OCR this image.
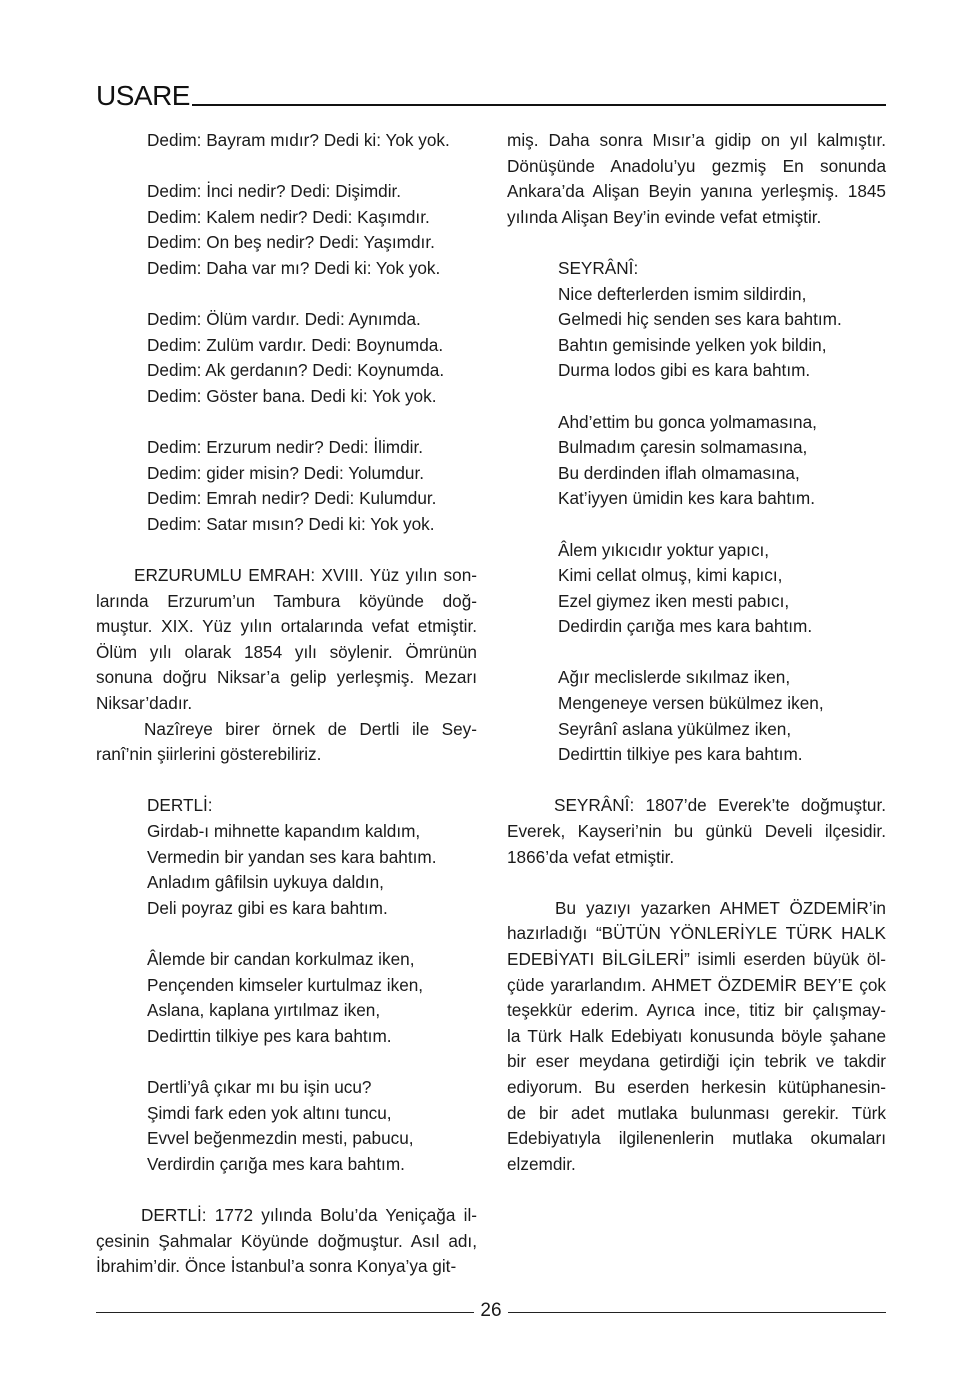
USARE
Dedim: Bayram mıdır? Dedi ki: Yok yok.
Dedim: İnci nedir? Dedi: Dişimdir.
Dedim: Kalem nedir? Dedi: Kaşımdır.
Dedim: On beş nedir? Dedi: Yaşımdır.
Dedim: Daha var mı? Dedi ki: Yok yok.
Dedim: Ölüm vardır. Dedi: Aynımda.
Dedim: Zulüm vardır. Dedi: Boynumda.
Dedim: Ak gerdanın? Dedi: Koynumda.
Dedim: Göster bana. Dedi ki: Yok yok.
Dedim: Erzurum nedir? Dedi: İlimdir.
Dedim: gider misin? Dedi: Yolumdur.
Dedim: Emrah nedir? Dedi: Kulumdur.
Dedim: Satar mısın? Dedi ki: Yok yok.
ERZURUMLU EMRAH: XVIII. Yüz yılın son-
larında Erzurum’un Tambura köyünde doğ-
muştur. XIX. Yüz yılın ortalarında vefat etmiştir.
Ölüm yılı olarak 1854 yılı söylenir. Ömrünün
sonuna doğru Niksar’a gelip yerleşmiş. Mezarı
Niksar’dadır.
Nazîreye birer örnek de Dertli ile Sey-
ranî’nin şiirlerini gösterebiliriz.
DERTLİ:
Girdab-ı mihnette kapandım kaldım,
Vermedin bir yandan ses kara bahtım.
Anladım gâfilsin uykuya daldın,
Deli poyraz gibi es kara bahtım.
Âlemde bir candan korkulmaz iken,
Pençenden kimseler kurtulmaz iken,
Aslana, kaplana yırtılmaz iken,
Dedirttin tilkiye pes kara bahtım.
Dertli’yâ çıkar mı bu işin ucu?
Şimdi fark eden yok altını tuncu,
Evvel beğenmezdin mesti, pabucu,
Verdirdin çarığa mes kara bahtım.
DERTLİ: 1772 yılında Bolu’da Yeniçağa il-
çesinin Şahmalar Köyünde doğmuştur. Asıl adı,
İbrahim’dir. Önce İstanbul’a sonra Konya’ya git-
miş. Daha sonra Mısır’a gidip on yıl kalmıştır.
Dönüşünde Anadolu’yu gezmiş En sonunda
Ankara’da Alişan Beyin yanına yerleşmiş. 1845
yılında Alişan Bey’in evinde vefat etmiştir.
SEYRÂNÎ:
Nice defterlerden ismim sildirdin,
Gelmedi hiç senden ses kara bahtım.
Bahtın gemisinde yelken yok bildin,
Durma lodos gibi es kara bahtım.
Ahd’ettim bu gonca yolmamasına,
Bulmadım çaresin solmamasına,
Bu derdinden iflah olmamasına,
Kat’iyyen ümidin kes kara bahtım.
Âlem yıkıcıdır yoktur yapıcı,
Kimi cellat olmuş, kimi kapıcı,
Ezel giymez iken mesti pabıcı,
Dedirdin çarığa mes kara bahtım.
Ağır meclislerde sıkılmaz iken,
Mengeneye versen bükülmez iken,
Seyrânî aslana yükülmez iken,
Dedirttin tilkiye pes kara bahtım.
SEYRÂNÎ: 1807’de Everek’te doğmuştur.
Everek, Kayseri’nin bu günkü Develi ilçesidir.
1866’da vefat etmiştir.
Bu yazıyı yazarken AHMET ÖZDEMİR’in
hazırladığı “BÜTÜN YÖNLERİYLE TÜRK HALK
EDEBİYATI BİLGİLERİ” isimli eserden büyük öl-
çüde yararlandım. AHMET ÖZDEMİR BEY’E çok
teşekkür ederim. Ayrıca ince, titiz bir çalışmay-
la Türk Halk Edebiyatı konusunda böyle şahane
bir eser meydana getirdiği için tebrik ve takdir
ediyorum. Bu eserden herkesin kütüphanesin-
de bir adet mutlaka bulunması gerekir. Türk
Edebiyatıyla ilgilenenlerin mutlaka okumaları
elzemdir.
26
